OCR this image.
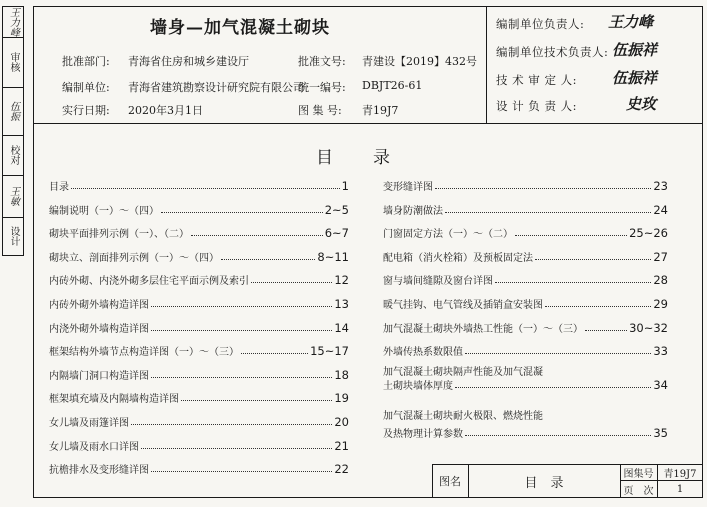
王力峰
审核
伍振
校对
王敏
设计
墙身—加气混凝土砌块
批准部门: 青海省住房和城乡建设厅	批准文号: 青建设【2019】432号
编制单位: 青海省建筑勘察设计研究院有限公司
统一编号: DBJT26-61
实行日期: 2020年3月1日	图 集 号: 青19J7
编制单位负责人: 王力峰
编制单位技术负责人: 伍振祥
技 术 审 定 人: 伍振祥
设 计 负 责 人:	史玫
目　　录
目录	1
编制说明（一）～（四）	2~5
砌块平面排列示例（一）、（二）	6~7
砌块立、剖面排列示例（一）～（四）	8~11
内砖外砌、内浇外砌多层住宅平面示例及索引	12
内砖外砌外墙构造详图	13
内浇外砌外墙构造详图	14
框架结构外墙节点构造详图（一）～（三）	15~17
内隔墙门洞口构造详图	18
框架填充墙及内隔墙构造详图	19
女儿墙及雨篷详图	20
女儿墙及雨水口详图	21
抗檐排水及变形缝详图	22
变形缝详图	23
墙身防潮做法	24
门窗固定方法（一）～（二）	25~26
配电箱（消火栓箱）及预板固定法	27
窗与墙间缝隙及窗台详图	28
暖气挂钩、电气管线及插销盒安装图	29
加气混凝土砌块外墙热工性能（一）～（三）	30~32
外墙传热系数限值	33
加气混凝土砌块隔声性能及加气混凝
土砌块墙体厚度	34
加气混凝土砌块耐火极限、燃烧性能
及热物理计算参数	35
图名	目　录
图集号 青19J7
页　次	1
